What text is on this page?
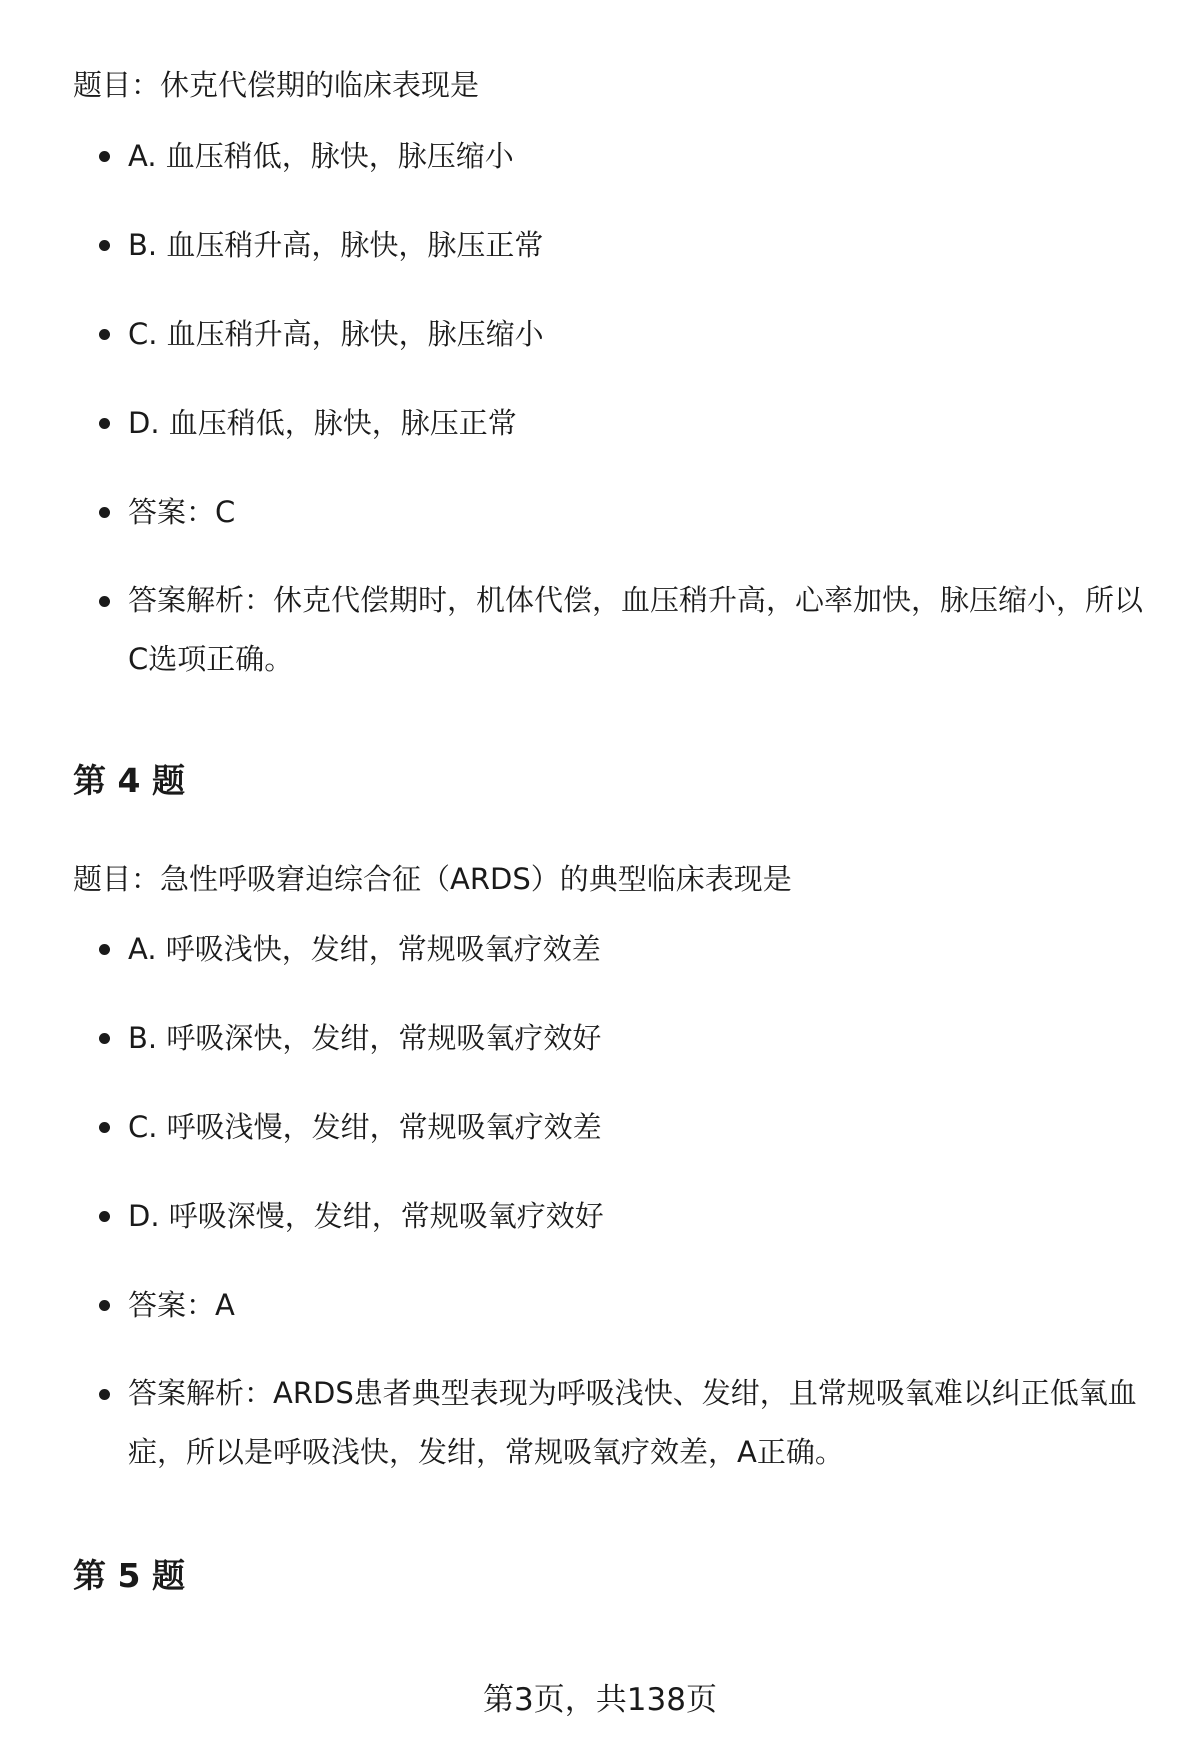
题目：休克代偿期的临床表现是

A. 血压稍低，脉快，脉压缩小
B. 血压稍升高，脉快，脉压正常
C. 血压稍升高，脉快，脉压缩小
D. 血压稍低，脉快，脉压正常
答案：C
答案解析：休克代偿期时，机体代偿，血压稍升高，心率加快，脉压缩小，所以C选项正确。
第 4 题

题目：急性呼吸窘迫综合征（ARDS）的典型临床表现是

A. 呼吸浅快，发绀，常规吸氧疗效差
B. 呼吸深快，发绀，常规吸氧疗效好
C. 呼吸浅慢，发绀，常规吸氧疗效差
D. 呼吸深慢，发绀，常规吸氧疗效好
答案：A
答案解析：ARDS患者典型表现为呼吸浅快、发绀，且常规吸氧难以纠正低氧血症，所以是呼吸浅快，发绀，常规吸氧疗效差，A正确。
第 5 题
第3页，共138页
